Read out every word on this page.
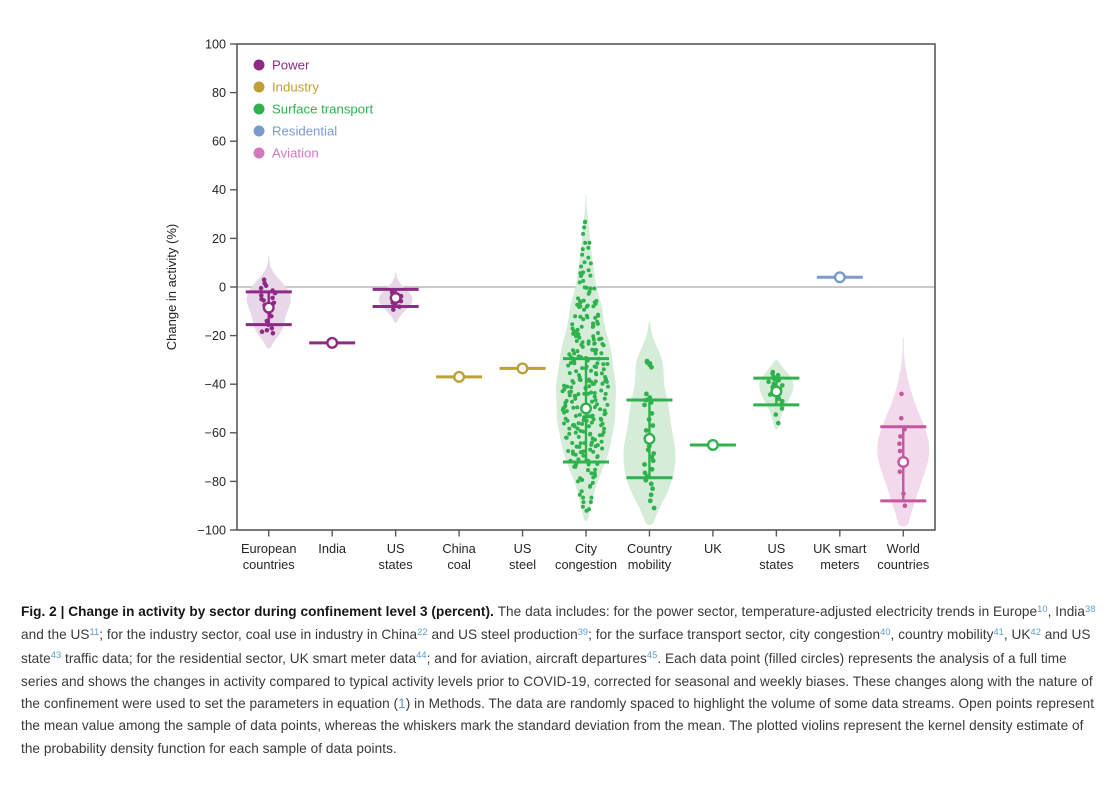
European countries
India	US states
China coal
US steel
City congestion
Country mobility
UK	US states
UK smart meters
World countries
100
80
60
40
20
0
−20
−40
−60
−80
−100
Change in activity (%)
Power
Industry
Surface transport
Residential
Aviation
Fig. 2 | Change in activity by sector during confinement level 3 (percent). The data includes: for the power sector, temperature-adjusted electricity trends in Europe$^{10}$, India$^{38}$ and the US$^{11}$; for the industry sector, coal use in industry in China$^{22}$ and US steel production$^{39}$; for the surface transport sector, city congestion$^{40}$, country mobility$^{41}$, UK$^{42}$ and US state$^{43}$ traffic data; for the residential sector, UK smart meter data$^{44}$; and for aviation, aircraft departures$^{45}$. Each data point (filled circles) represents the analysis of a full time series and shows the changes in activity compared to typical activity levels prior to COVID-19, corrected for seasonal and weekly biases. These changes along with the nature of the confinement were used to set the parameters in equation (1) in Methods. The data are randomly spaced to highlight the volume of some data streams. Open points represent the mean value among the sample of data points, whereas the whiskers mark the standard deviation from the mean. The plotted violins represent the kernel density estimate of the probability density function for each sample of data points.
